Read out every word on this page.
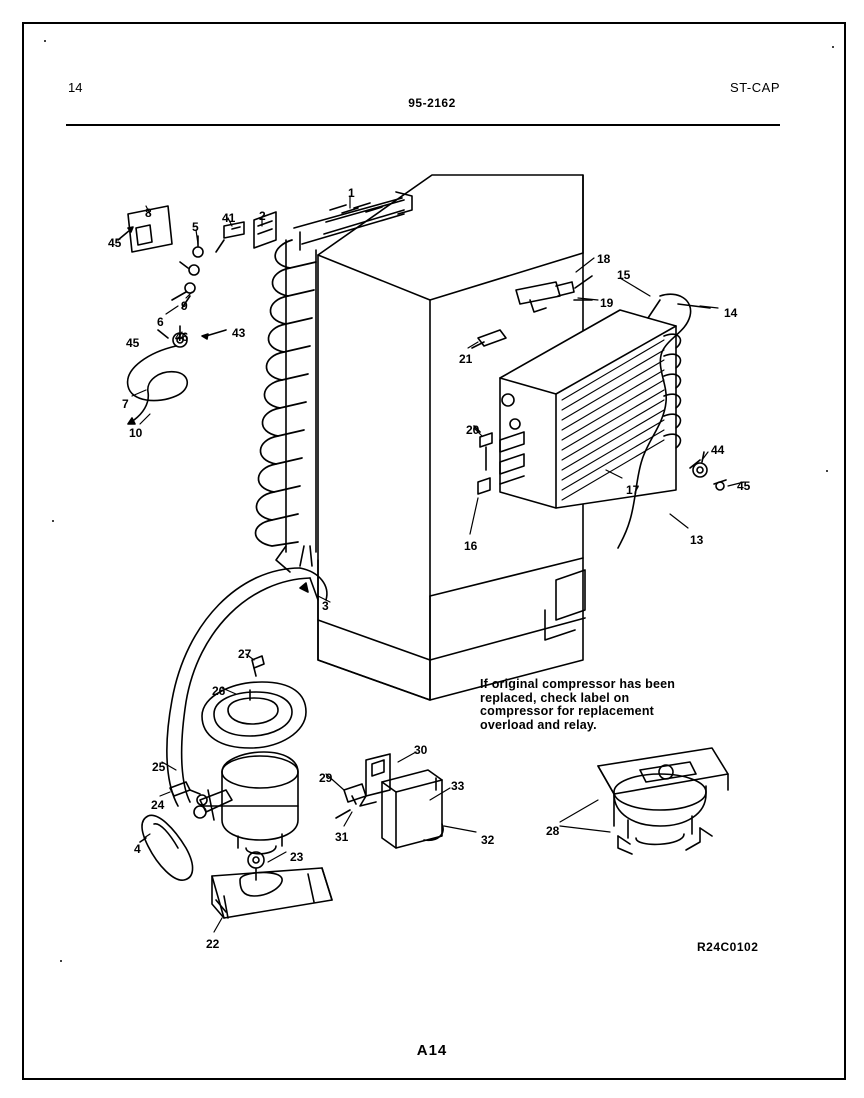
14
95-2162
ST-CAP
1
2
3
4
5
6
7
8
9
10
13
14
15
16
17
18
19
20
21
22
23
24
25
26
27
28
29
30
31	32
33
41
43
44
45
45
45
46
If original compressor has been replaced, check label on compressor for replacement overload and relay.
R24C0102
A14
